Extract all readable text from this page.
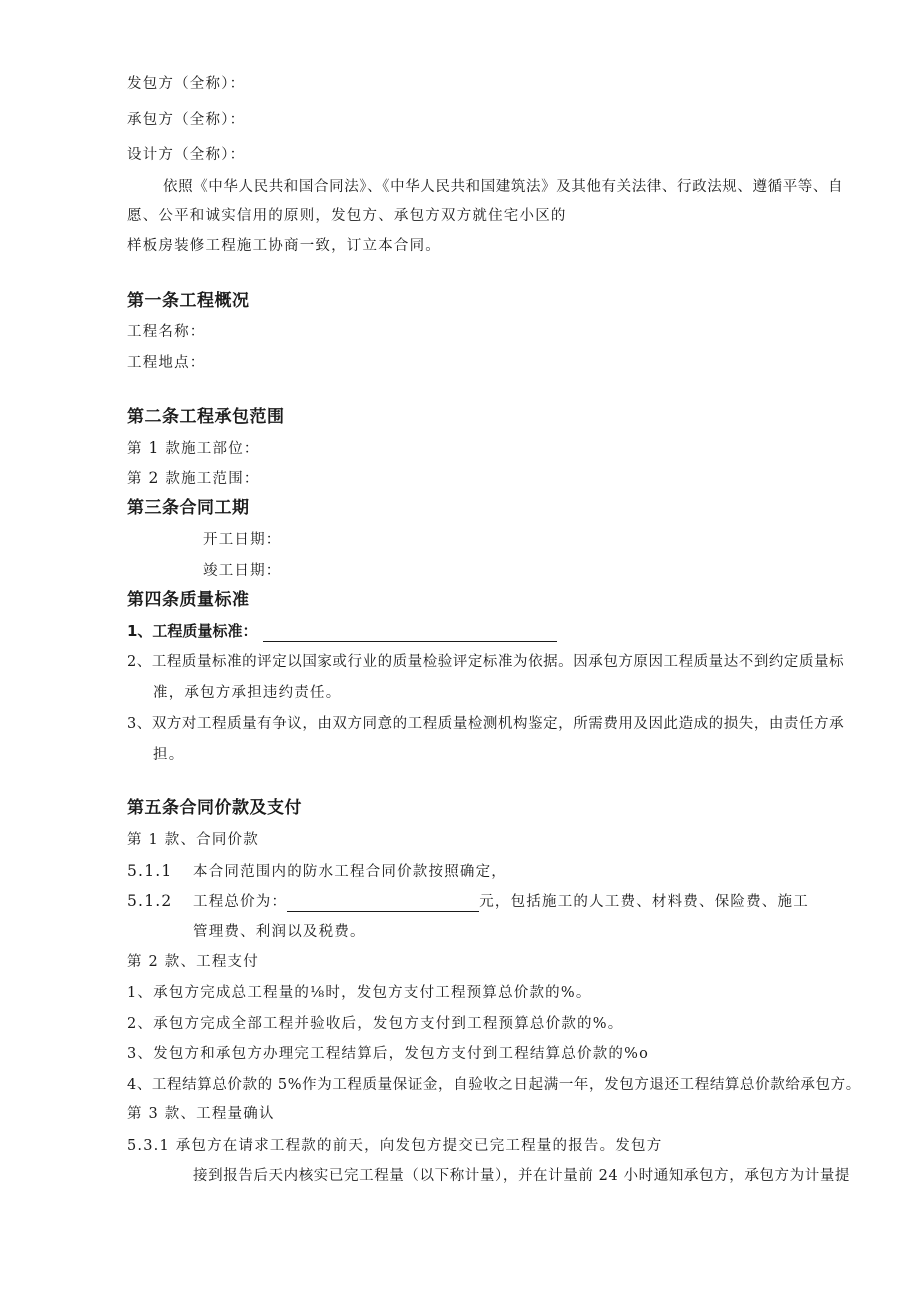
发包方（全称）：
承包方（全称）：
设计方（全称）：
依照《中华人民共和国合同法》、《中华人民共和国建筑法》及其他有关法律、行政法规、遵循平等、自
愿、公平和诚实信用的原则，发包方、承包方双方就住宅小区的
样板房装修工程施工协商一致，订立本合同。
第一条工程概况
工程名称：
工程地点：
第二条工程承包范围
第 1 款施工部位：
第 2 款施工范围：
第三条合同工期
开工日期：
竣工日期：
第四条质量标准
1、工程质量标准：
2、工程质量标准的评定以国家或行业的质量检验评定标准为依据。因承包方原因工程质量达不到约定质量标
准，承包方承担违约责任。
3、双方对工程质量有争议，由双方同意的工程质量检测机构鉴定，所需费用及因此造成的损失，由责任方承
担。
第五条合同价款及支付
第 1 款、合同价款
5.1.1 本合同范围内的防水工程合同价款按照确定，
5.1.2 工程总价为：	元，包括施工的人工费、材料费、保险费、施工
管理费、利润以及税费。
第 2 款、工程支付
1、承包方完成总工程量的⅛时，发包方支付工程预算总价款的%。
2、承包方完成全部工程并验收后，发包方支付到工程预算总价款的%。
3、发包方和承包方办理完工程结算后，发包方支付到工程结算总价款的%o
4、工程结算总价款的 5%作为工程质量保证金，自验收之日起满一年，发包方退还工程结算总价款给承包方。
第 3 款、工程量确认
5.3.1 承包方在请求工程款的前天，向发包方提交已完工程量的报告。发包方
接到报告后天内核实已完工程量（以下称计量），并在计量前 24 小时通知承包方，承包方为计量提
